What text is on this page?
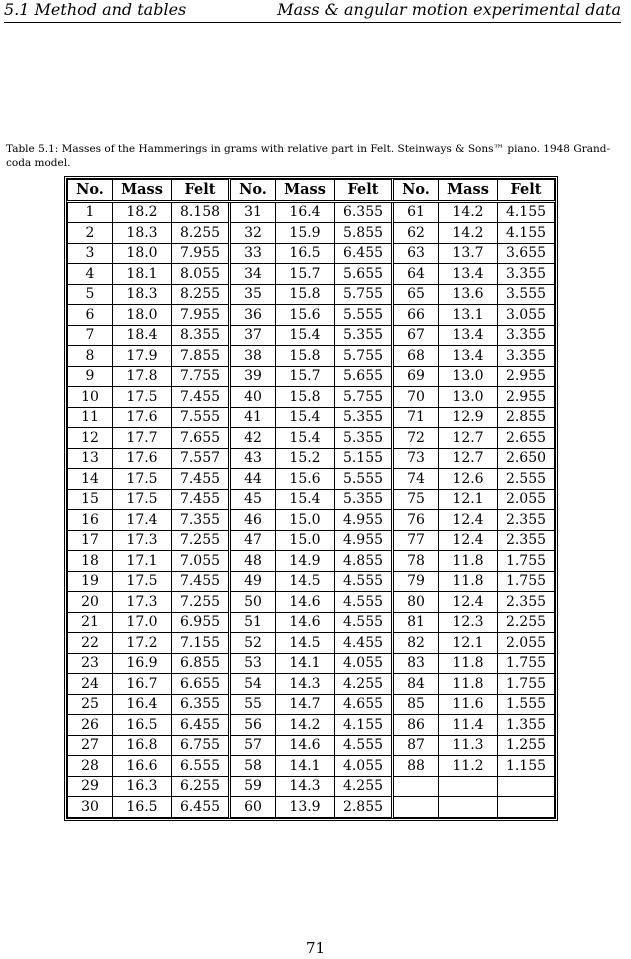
5.1 Method and tables	Mass & angular motion experimental data
Table 5.1: Masses of the Hammerings in grams with relative part in Felt. Steinways & Sons™ piano. 1948 Grand-coda model.
No.	Mass	Felt	No.	Mass	Felt	No.	Mass	Felt
1	18.2	8.158	31	16.4	6.355	61	14.2	4.155
2	18.3	8.255	32	15.9	5.855	62	14.2	4.155
3	18.0	7.955	33	16.5	6.455	63	13.7	3.655
4	18.1	8.055	34	15.7	5.655	64	13.4	3.355
5	18.3	8.255	35	15.8	5.755	65	13.6	3.555
6	18.0	7.955	36	15.6	5.555	66	13.1	3.055
7	18.4	8.355	37	15.4	5.355	67	13.4	3.355
8	17.9	7.855	38	15.8	5.755	68	13.4	3.355
9	17.8	7.755	39	15.7	5.655	69	13.0	2.955
10	17.5	7.455	40	15.8	5.755	70	13.0	2.955
11	17.6	7.555	41	15.4	5.355	71	12.9	2.855
12	17.7	7.655	42	15.4	5.355	72	12.7	2.655
13	17.6	7.557	43	15.2	5.155	73	12.7	2.650
14	17.5	7.455	44	15.6	5.555	74	12.6	2.555
15	17.5	7.455	45	15.4	5.355	75	12.1	2.055
16	17.4	7.355	46	15.0	4.955	76	12.4	2.355
17	17.3	7.255	47	15.0	4.955	77	12.4	2.355
18	17.1	7.055	48	14.9	4.855	78	11.8	1.755
19	17.5	7.455	49	14.5	4.555	79	11.8	1.755
20	17.3	7.255	50	14.6	4.555	80	12.4	2.355
21	17.0	6.955	51	14.6	4.555	81	12.3	2.255
22	17.2	7.155	52	14.5	4.455	82	12.1	2.055
23	16.9	6.855	53	14.1	4.055	83	11.8	1.755
24	16.7	6.655	54	14.3	4.255	84	11.8	1.755
25	16.4	6.355	55	14.7	4.655	85	11.6	1.555
26	16.5	6.455	56	14.2	4.155	86	11.4	1.355
27	16.8	6.755	57	14.6	4.555	87	11.3	1.255
28	16.6	6.555	58	14.1	4.055	88	11.2	1.155
29	16.3	6.255	59	14.3	4.255			
30	16.5	6.455	60	13.9	2.855			
71
